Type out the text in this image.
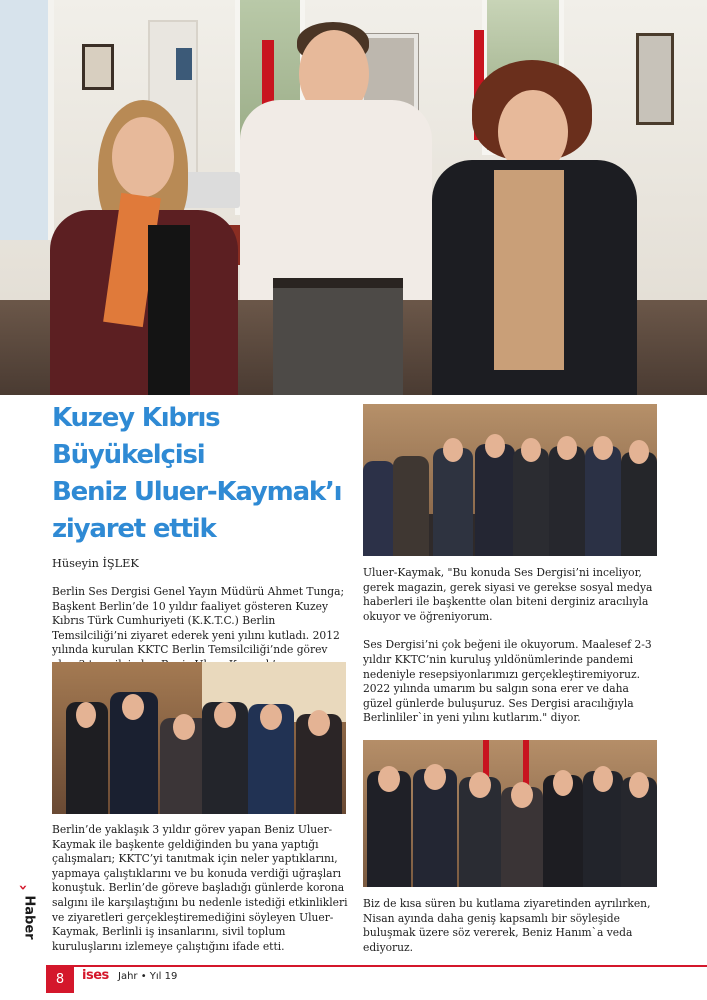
Kuzey Kıbrıs Büyükelçisi
Beniz Uluer-Kaymak’ı
ziyaret ettik
Hüseyin İŞLEK

Berlin Ses Dergisi Genel Yayın Müdürü Ahmet Tunga; Başkent Berlin’de 10 yıldır faaliyet gösteren Kuzey Kıbrıs Türk Cumhuriyeti (K.K.T.C.) Berlin Temsilciliği’ni ziyaret ederek yeni yılını kutladı. 2012 yılında kurulan KKTC Berlin Temsilciliği’nde görev

Berlin’de yaklaşık 3 yıldır görev yapan Beniz Uluer-Kaymak ile başkente geldiğinden bu yana yaptığı çalışmaları; KKTC’yi tanıtmak için neler yaptıklarını, yapmaya çalıştıklarını ve bu konuda verdiği uğraşları konuştuk. Berlin’de göreve başladığı günlerde korona salgını ile karşılaştığını bu nedenle istediği etkinlikleri ve ziyaretleri gerçekleştiremediğini söyleyen Uluer-Kaymak, Berlinli iş insanlarını, sivil toplum kuruluşlarını izlemeye çalıştığını ifade etti.

Uluer-Kaymak, "Bu konuda Ses Dergisi’ni inceliyor, gerek magazin, gerek siyasi ve gerekse sosyal medya haberleri ile başkentte olan biteni derginiz aracılıyla okuyor ve öğreniyorum.

Ses Dergisi’ni çok beğeni ile okuyorum. Maalesef 2-3 yıldır KKTC’nin kuruluş yıldönümlerinde pandemi nedeniyle resepsiyonlarımızı gerçekleştiremiyoruz. 2022 yılında umarım bu salgın sona erer ve daha güzel günlerde buluşuruz. Ses Dergisi aracılığıyla Berlinliler`in yeni yılını kutlarım." diyor.

Biz de kısa süren bu kutlama ziyaretinden ayrılırken, Nisan ayında daha geniş kapsamlı bir söyleşide buluşmak üzere söz vererek, Beniz Hanım`a veda ediyoruz.

›
Haber
8	ises Jahr • Yıl 19
